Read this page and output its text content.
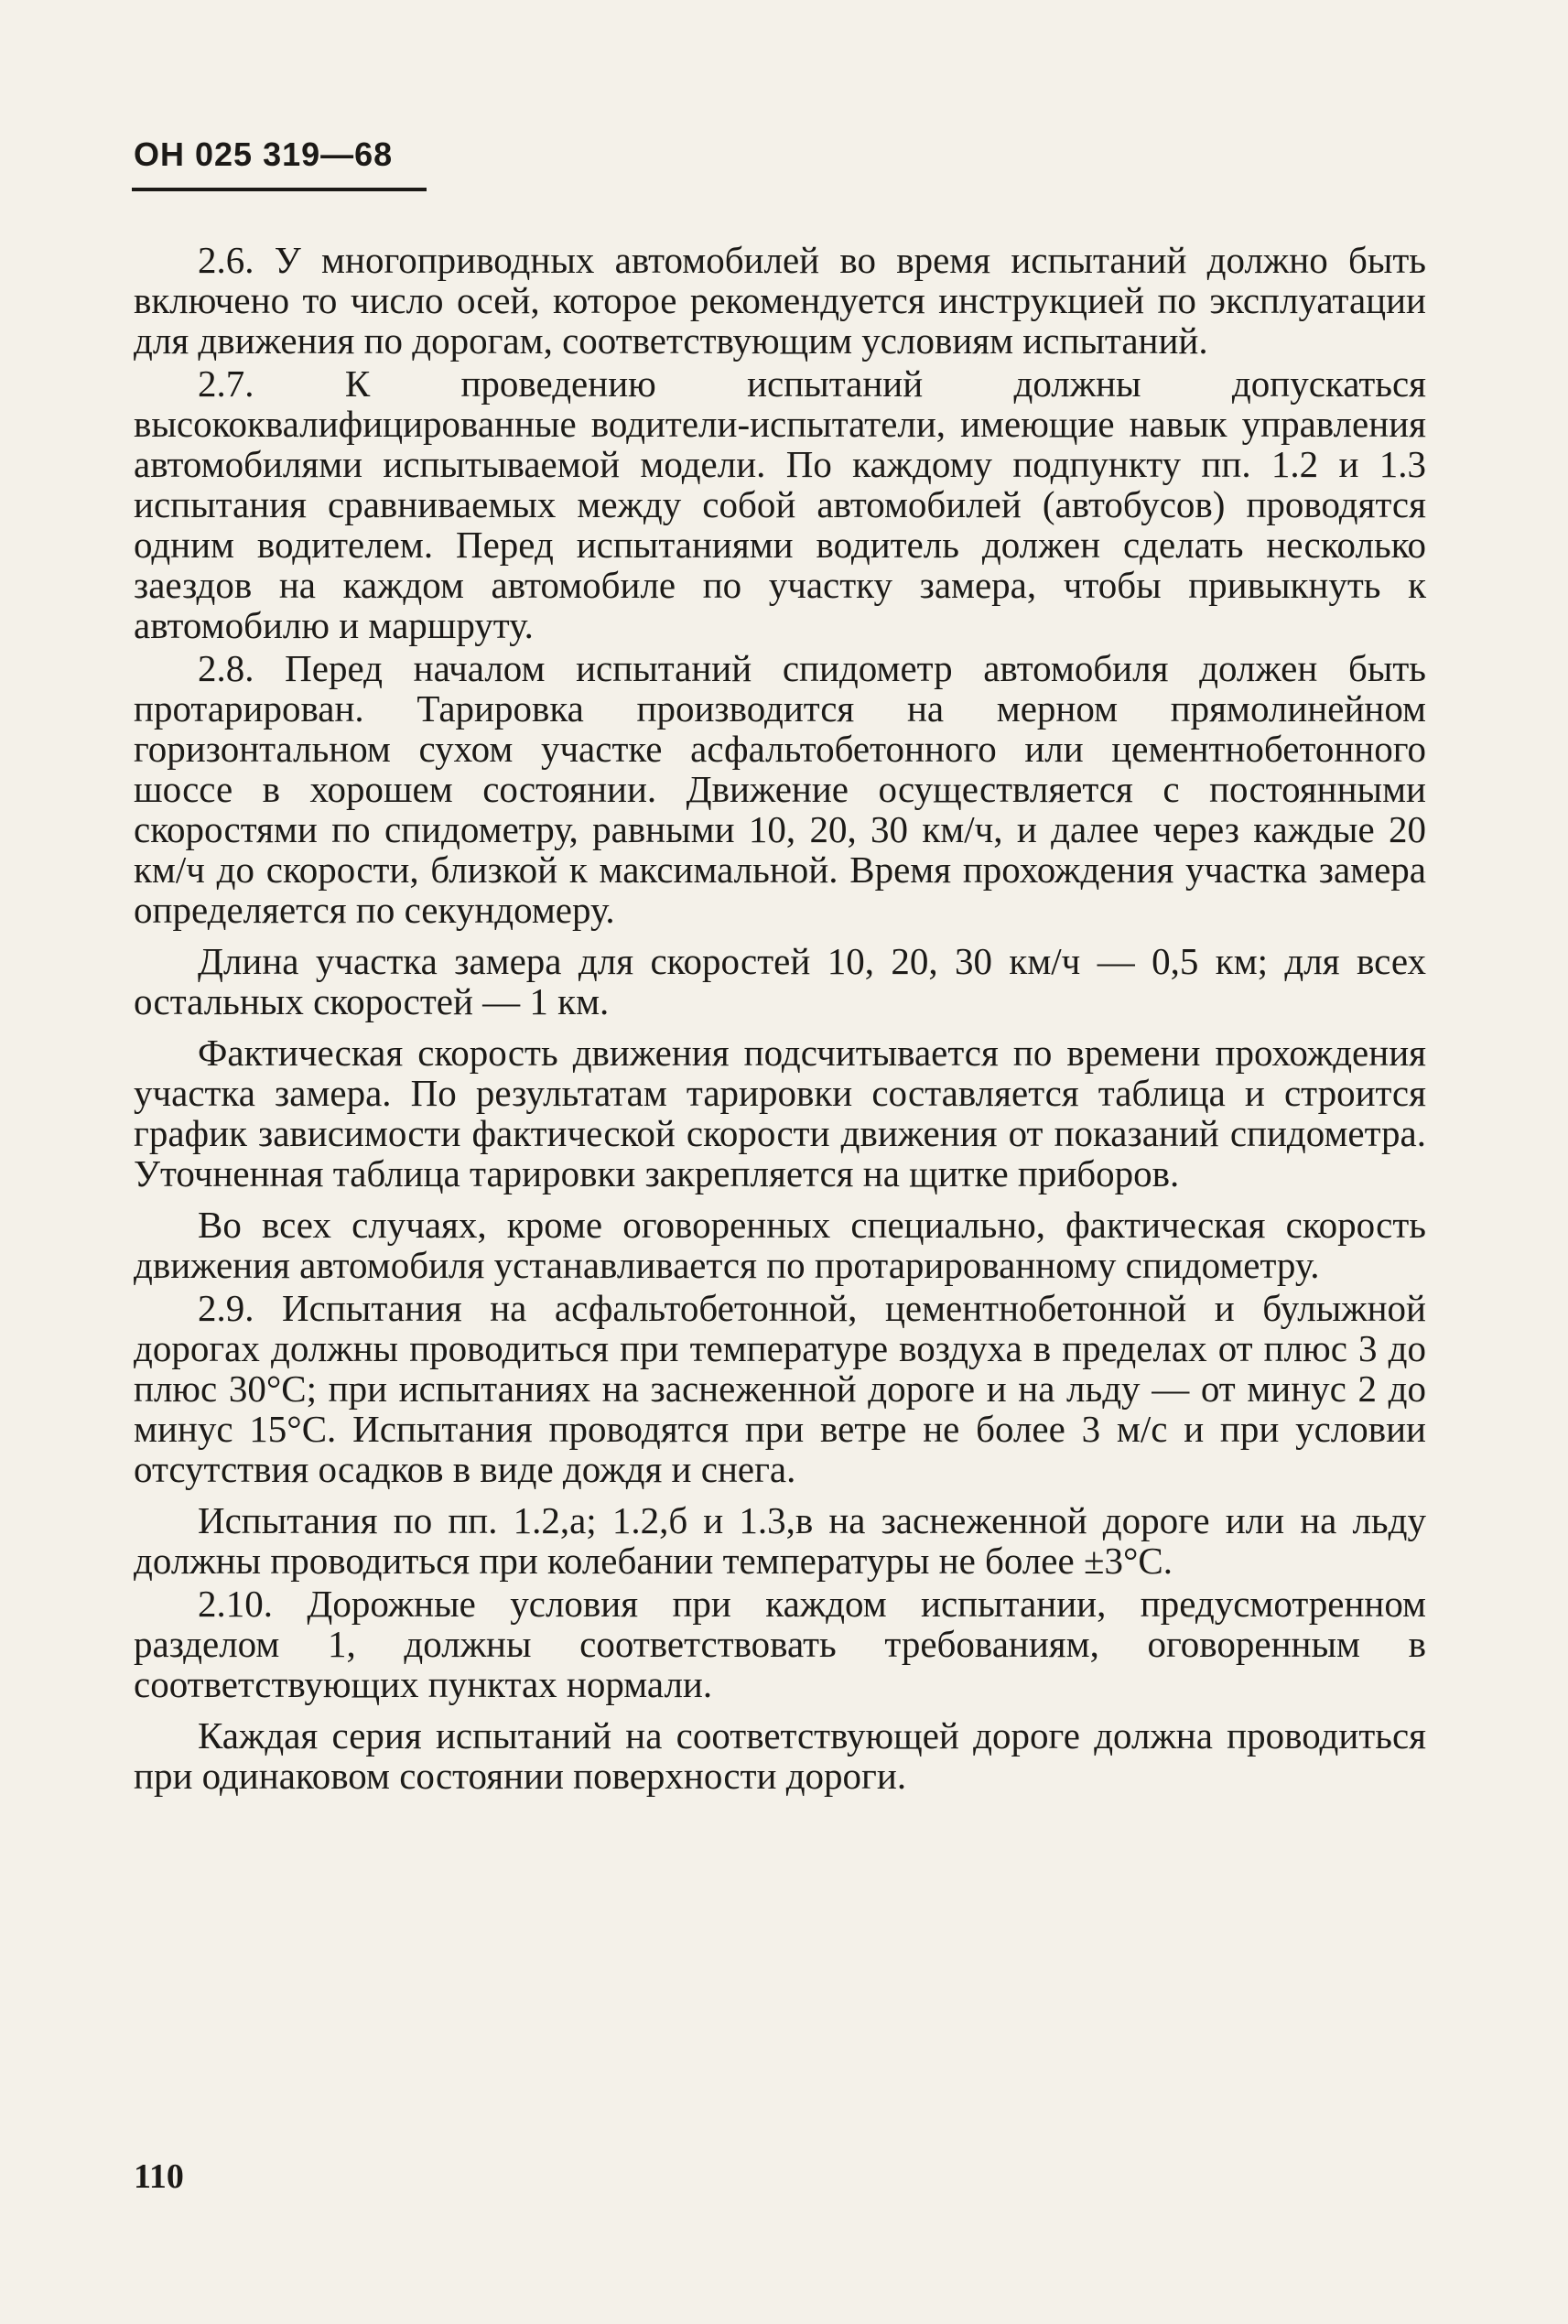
ОН 025 319—68

2.6. У многоприводных автомобилей во время испытаний должно быть включено то число осей, которое рекомендуется инструкцией по эксплуатации для движения по дорогам, соответствующим условиям испытаний.

2.7. К проведению испытаний должны допускаться высококвалифицированные водители-испытатели, имеющие навык управления автомобилями испытываемой модели. По каждому подпункту пп. 1.2 и 1.3 испытания сравниваемых между собой автомобилей (автобусов) проводятся одним водителем. Перед испытаниями водитель должен сделать несколько заездов на каждом автомобиле по участку замера, чтобы привыкнуть к автомобилю и маршруту.

2.8. Перед началом испытаний спидометр автомобиля должен быть протарирован. Тарировка производится на мерном прямолинейном горизонтальном сухом участке асфальтобетонного или цементнобетонного шоссе в хорошем состоянии. Движение осуществляется с постоянными скоростями по спидометру, равными 10, 20, 30 км/ч, и далее через каждые 20 км/ч до скорости, близкой к максимальной. Время прохождения участка замера определяется по секундомеру.

Длина участка замера для скоростей 10, 20, 30 км/ч — 0,5 км; для всех остальных скоростей — 1 км.

Фактическая скорость движения подсчитывается по времени прохождения участка замера. По результатам тарировки составляется таблица и строится график зависимости фактической скорости движения от показаний спидометра. Уточненная таблица тарировки закрепляется на щитке приборов.

Во всех случаях, кроме оговоренных специально, фактическая скорость движения автомобиля устанавливается по протарированному спидометру.

2.9. Испытания на асфальтобетонной, цементнобетонной и булыжной дорогах должны проводиться при температуре воздуха в пределах от плюс 3 до плюс 30°С; при испытаниях на заснеженной дороге и на льду — от минус 2 до минус 15°С. Испытания проводятся при ветре не более 3 м/с и при условии отсутствия осадков в виде дождя и снега.

Испытания по пп. 1.2,а; 1.2,б и 1.3,в на заснеженной дороге или на льду должны проводиться при колебании температуры не более ±3°С.

2.10. Дорожные условия при каждом испытании, предусмотренном разделом 1, должны соответствовать требованиям, оговоренным в соответствующих пунктах нормали.

Каждая серия испытаний на соответствующей дороге должна проводиться при одинаковом состоянии поверхности дороги.

110
